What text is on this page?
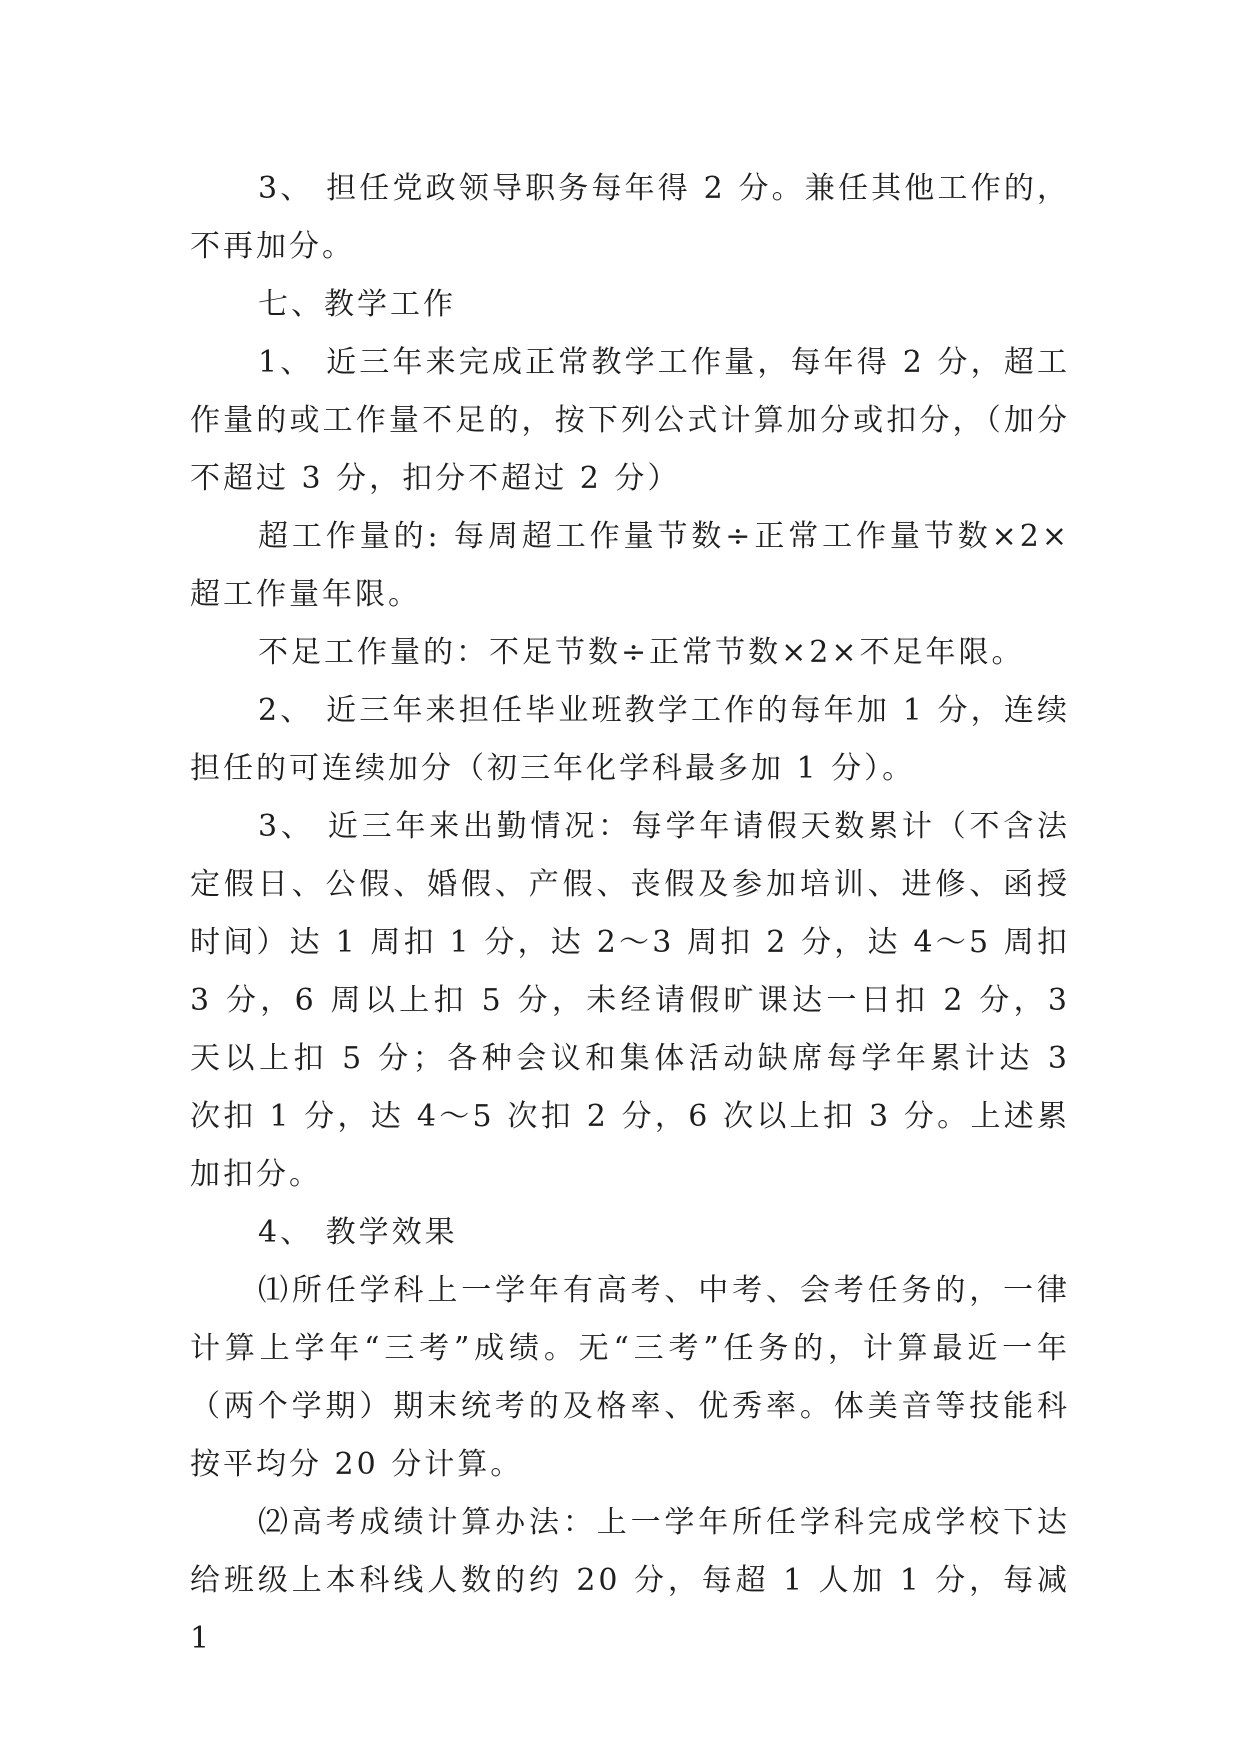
3、 担任党政领导职务每年得 2 分。兼任其他工作的，不再加分。

七、教学工作

1、 近三年来完成正常教学工作量，每年得 2 分，超工作量的或工作量不足的，按下列公式计算加分或扣分，（加分不超过 3 分，扣分不超过 2 分）

超工作量的: 每周超工作量节数÷正常工作量节数×2×超工作量年限。

不足工作量的：不足节数÷正常节数×2×不足年限。

2、 近三年来担任毕业班教学工作的每年加 1 分，连续担任的可连续加分（初三年化学科最多加 1 分）。

3、 近三年来出勤情况：每学年请假天数累计（不含法定假日、公假、婚假、产假、丧假及参加培训、进修、函授时间）达 1 周扣 1 分，达 2～3 周扣 2 分，达 4～5 周扣 3 分，6 周以上扣 5 分，未经请假旷课达一日扣 2 分，3 天以上扣 5 分；各种会议和集体活动缺席每学年累计达 3 次扣 1 分，达 4～5 次扣 2 分，6 次以上扣 3 分。上述累加扣分。

4、 教学效果

⑴所任学科上一学年有高考、中考、会考任务的，一律计算上学年“三考”成绩。无“三考”任务的，计算最近一年（两个学期）期末统考的及格率、优秀率。体美音等技能科按平均分 20 分计算。

⑵高考成绩计算办法：上一学年所任学科完成学校下达给班级上本科线人数的约 20 分，每超 1 人加 1 分，每减 1
